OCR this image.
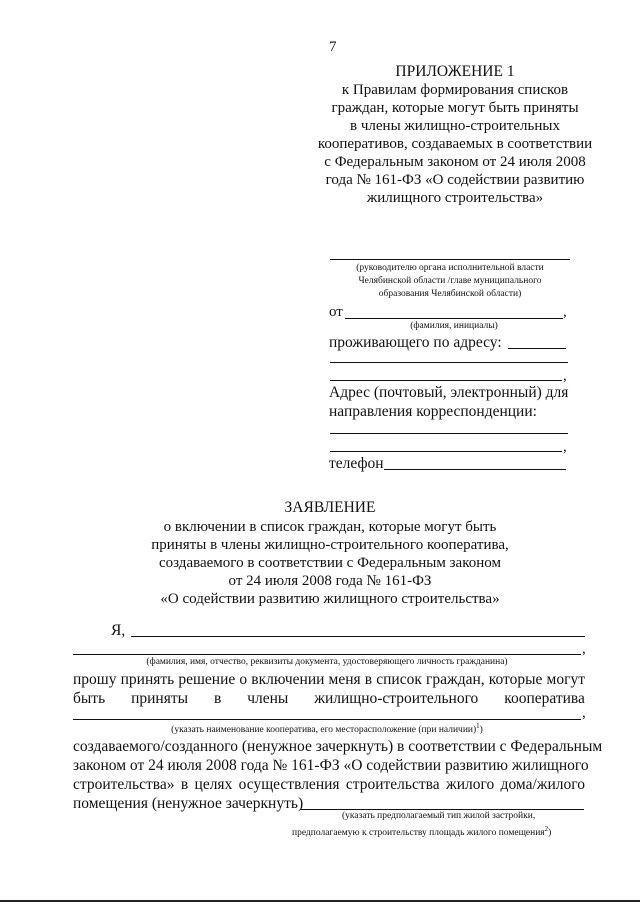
7
ПРИЛОЖЕНИЕ 1
к Правилам формирования списков
граждан, которые могут быть приняты
в члены жилищно-строительных
кооперативов, создаваемых в соответствии
с Федеральным законом от 24 июля 2008
года № 161-ФЗ «О содействии развитию
жилищного строительства»
(руководителю органа исполнительной власти
Челябинской области /главе муниципального
образования Челябинской области)
от	,
(фамилия, инициалы)
проживающего по адресу:
,
Адрес (почтовый, электронный) для
направления корреспонденции:
,
телефон
ЗАЯВЛЕНИЕ
о включении в список граждан, которые могут быть
приняты в члены жилищно-строительного кооператива,
создаваемого в соответствии с Федеральным законом
от 24 июля 2008 года № 161-ФЗ
«О содействии развитию жилищного строительства»
Я,
,
(фамилия, имя, отчество, реквизиты документа, удостоверяющего личность гражданина)
прошу принять решение о включении меня в список граждан, которые могут
быть приняты в члены жилищно-строительного кооператива
,
(указать наименование кооператива, его месторасположение (при наличии)$^1$)
создаваемого/созданного (ненужное зачеркнуть) в соответствии с Федеральным
законом от 24 июля 2008 года № 161-ФЗ «О содействии развитию жилищного
строительства» в целях осуществления строительства жилого дома/жилого
помещения (ненужное зачеркнуть)
(указать предполагаемый тип жилой застройки,
предполагаемую к строительству площадь жилого помещения$^2$)
